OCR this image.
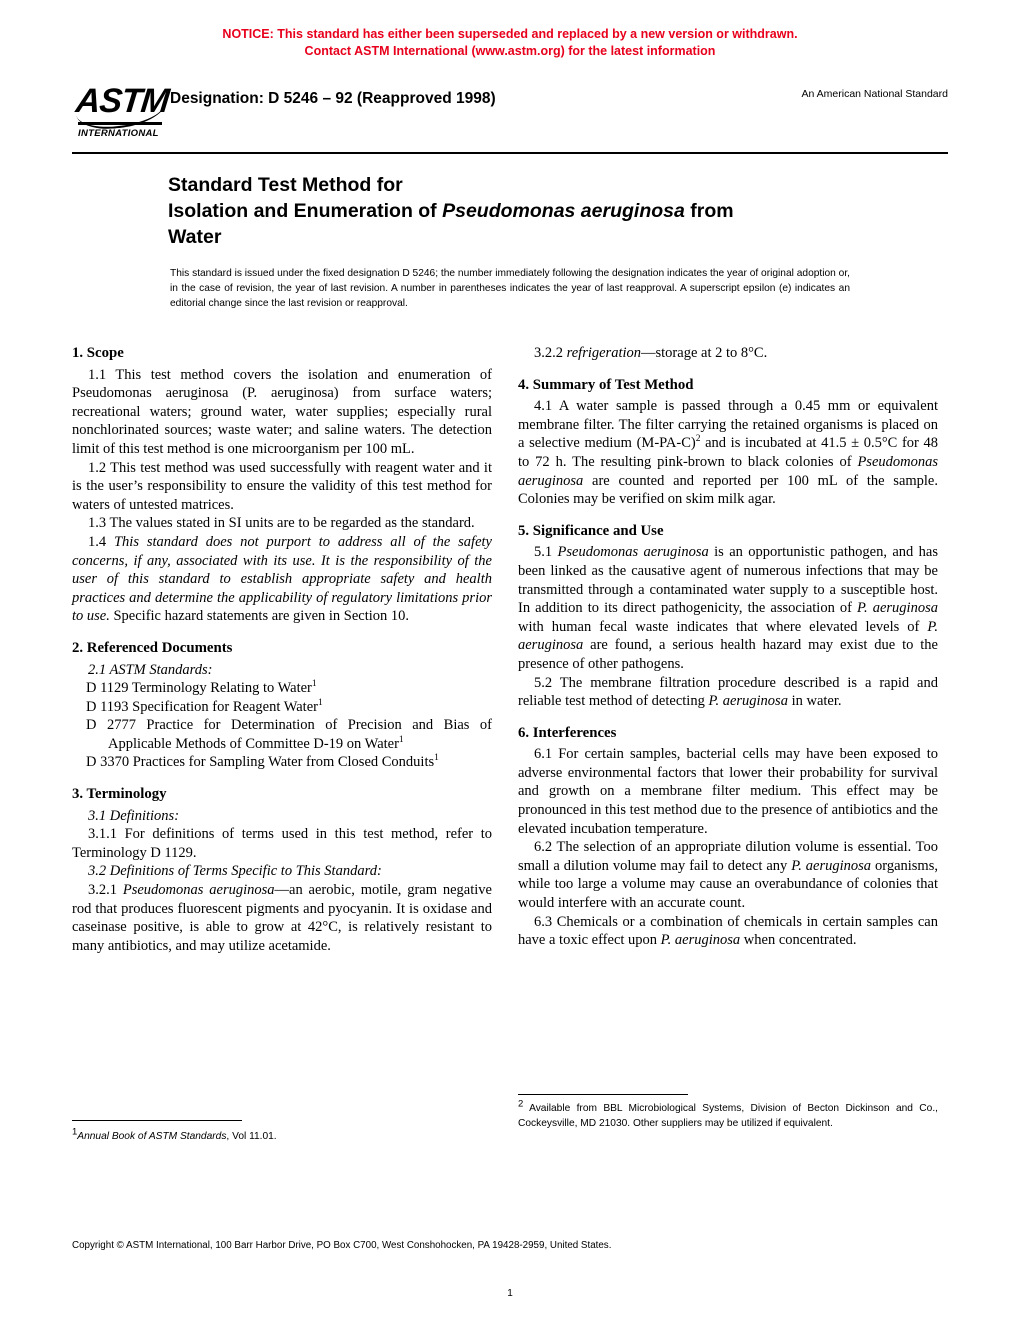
NOTICE: This standard has either been superseded and replaced by a new version or withdrawn.
Contact ASTM International (www.astm.org) for the latest information
ASTM
INTERNATIONAL
Designation: D 5246 – 92 (Reapproved 1998)	An American National Standard
Standard Test Method for
Isolation and Enumeration of Pseudomonas aeruginosa from
Water
This standard is issued under the fixed designation D 5246; the number immediately following the designation indicates the year of original adoption or, in the case of revision, the year of last revision. A number in parentheses indicates the year of last reapproval. A superscript epsilon (e) indicates an editorial change since the last revision or reapproval.
1. Scope

1.1 This test method covers the isolation and enumeration of Pseudomonas aeruginosa (P. aeruginosa) from surface waters; recreational waters; ground water, water supplies; especially rural nonchlorinated sources; waste water; and saline waters. The detection limit of this test method is one microorganism per 100 mL.

1.2 This test method was used successfully with reagent water and it is the user’s responsibility to ensure the validity of this test method for waters of untested matrices.

1.3 The values stated in SI units are to be regarded as the standard.

1.4 This standard does not purport to address all of the safety concerns, if any, associated with its use. It is the responsibility of the user of this standard to establish appropriate safety and health practices and determine the applicability of regulatory limitations prior to use. Specific hazard statements are given in Section 10.

2. Referenced Documents

2.1 ASTM Standards:

D 1129 Terminology Relating to Water$^1$

D 1193 Specification for Reagent Water$^1$

D 2777 Practice for Determination of Precision and Bias of Applicable Methods of Committee D-19 on Water$^1$

D 3370 Practices for Sampling Water from Closed Conduits$^1$

3. Terminology

3.1 Definitions:

3.1.1 For definitions of terms used in this test method, refer to Terminology D 1129.

3.2 Definitions of Terms Specific to This Standard:

3.2.1 Pseudomonas aeruginosa—an aerobic, motile, gram negative rod that produces fluorescent pigments and pyocyanin. It is oxidase and caseinase positive, is able to grow at 42°C, is relatively resistant to many antibiotics, and may utilize acetamide.

3.2.2 refrigeration—storage at 2 to 8°C.

4. Summary of Test Method

4.1 A water sample is passed through a 0.45 mm or equivalent membrane filter. The filter carrying the retained organisms is placed on a selective medium $(M-PA-C)^2$ and is incubated at 41.5 ± 0.5°C for 48 to 72 h. The resulting pink-brown to black colonies of Pseudomonas aeruginosa are counted and reported per 100 mL of the sample. Colonies may be verified on skim milk agar.

5. Significance and Use

5.1 Pseudomonas aeruginosa is an opportunistic pathogen, and has been linked as the causative agent of numerous infections that may be transmitted through a contaminated water supply to a susceptible host. In addition to its direct pathogenicity, the association of P. aeruginosa with human fecal waste indicates that where elevated levels of P. aeruginosa are found, a serious health hazard may exist due to the presence of other pathogens.

5.2 The membrane filtration procedure described is a rapid and reliable test method of detecting P. aeruginosa in water.

6. Interferences

6.1 For certain samples, bacterial cells may have been exposed to adverse environmental factors that lower their probability for survival and growth on a membrane filter medium. This effect may be pronounced in this test method due to the presence of antibiotics and the elevated incubation temperature.

6.2 The selection of an appropriate dilution volume is essential. Too small a dilution volume may fail to detect any P. aeruginosa organisms, while too large a volume may cause an overabundance of colonies that would interfere with an accurate count.

6.3 Chemicals or a combination of chemicals in certain samples can have a toxic effect upon P. aeruginosa when concentrated.

$^1$Annual Book of ASTM Standards, Vol 11.01.
$^2$ Available from BBL Microbiological Systems, Division of Becton Dickinson and Co., Cockeysville, MD 21030. Other suppliers may be utilized if equivalent.
Copyright © ASTM International, 100 Barr Harbor Drive, PO Box C700, West Conshohocken, PA 19428-2959, United States.
1
